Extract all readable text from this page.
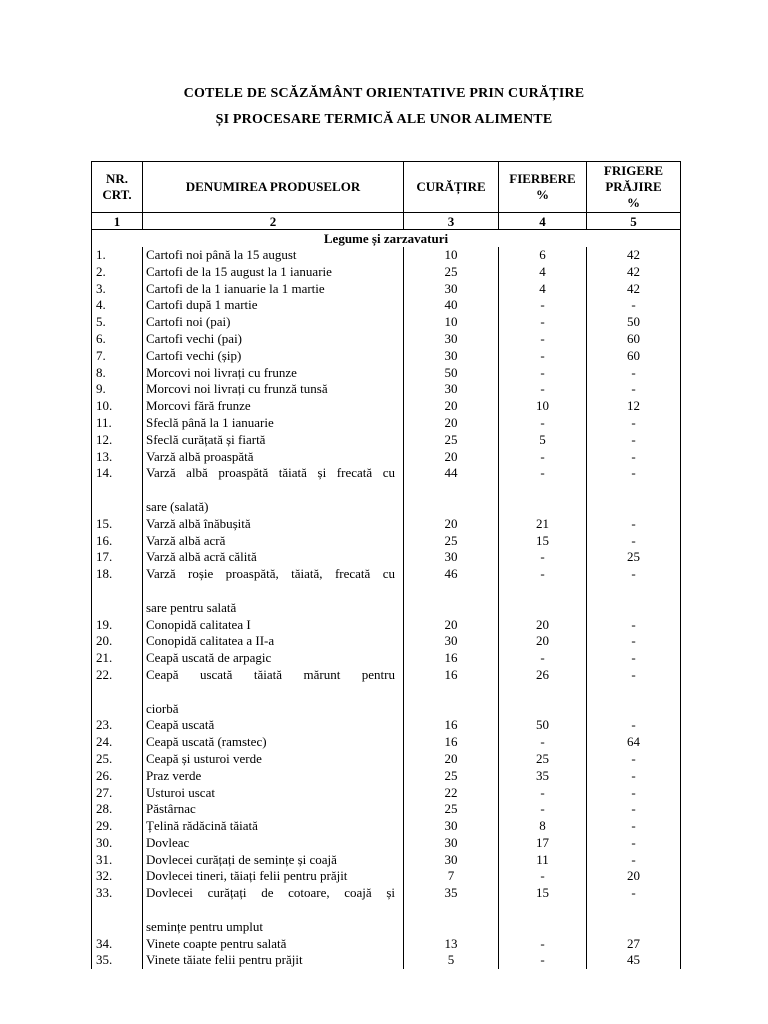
COTELE DE SCĂZĂMÂNT ORIENTATIVE PRIN CURĂȚIRE
ȘI PROCESARE TERMICĂ ALE UNOR ALIMENTE
NR.
CRT.	DENUMIREA PRODUSELOR	CURĂȚIRE	FIERBERE
%	FRIGERE
PRĂJIRE
%
1	2	3	4	5
Legume și zarzavaturi				
1.	Cartofi noi până la 15 august	10	6	42
2.	Cartofi de la 15 august la 1 ianuarie	25	4	42
3.	Cartofi de la 1 ianuarie la 1 martie	30	4	42
4.	Cartofi după 1 martie	40	-	-
5.	Cartofi noi (pai)	10	-	50
6.	Cartofi vechi (pai)	30	-	60
7.	Cartofi vechi (șip)	30	-	60
8.	Morcovi noi livrați cu frunze	50	-	-
9.	Morcovi noi livrați cu frunză tunsă	30	-	-
10.	Morcovi fără frunze	20	10	12
11.	Sfeclă până la 1 ianuarie	20	-	-
12.	Sfeclă curățată și fiartă	25	5	-
13.	Varză albă proaspătă	20	-	-
14.	Varză albă proaspătă tăiată și frecată cu
sare (salată)	44	-	-
15.	Varză albă înăbușită	20	21	-
16.	Varză albă acră	25	15	-
17.	Varză albă acră călită	30	-	25
18.	Varză roșie proaspătă, tăiată, frecată cu
sare pentru salată	46	-	-
19.	Conopidă calitatea I	20	20	-
20.	Conopidă calitatea a II-a	30	20	-
21.	Ceapă uscată de arpagic	16	-	-
22.	Ceapă uscată tăiată mărunt pentru
ciorbă	16	26	-
23.	Ceapă uscată	16	50	-
24.	Ceapă uscată (ramstec)	16	-	64
25.	Ceapă și usturoi verde	20	25	-
26.	Praz verde	25	35	-
27.	Usturoi uscat	22	-	-
28.	Păstârnac	25	-	-
29.	Țelină rădăcină tăiată	30	8	-
30.	Dovleac	30	17	-
31.	Dovlecei curățați de semințe și coajă	30	11	-
32.	Dovlecei tineri, tăiați felii pentru prăjit	7	-	20
33.	Dovlecei curățați de cotoare, coajă și
semințe pentru umplut	35	15	-
34.	Vinete coapte pentru salată	13	-	27
35.	Vinete tăiate felii pentru prăjit	5	-	45
